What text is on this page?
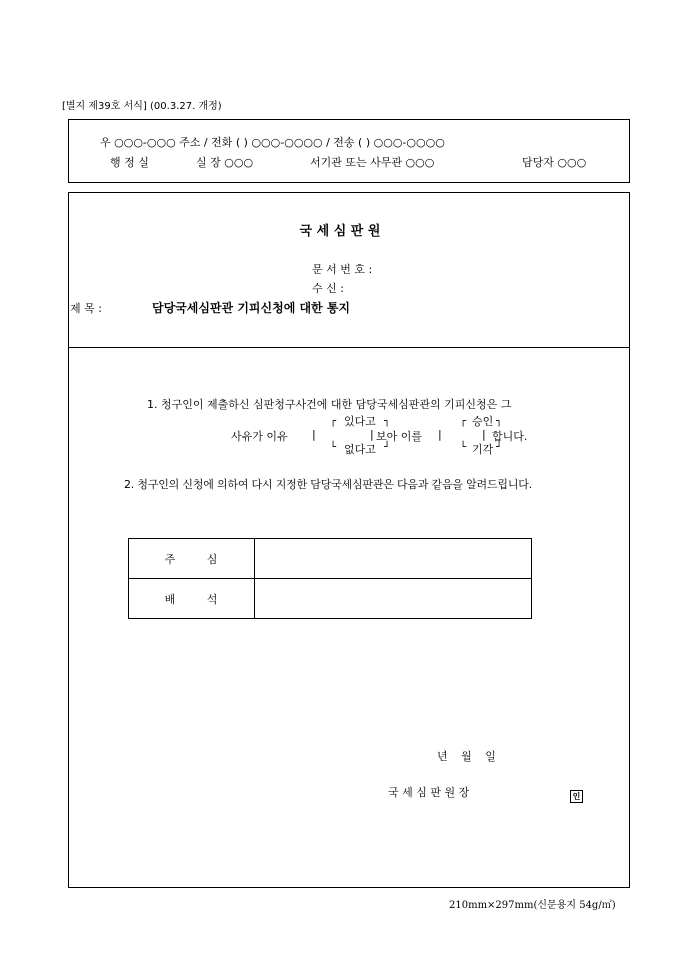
[별지 제39호 서식] (00.3.27. 개정)
우 ○○○-○○○ 주소 / 전화 ( ) ○○○-○○○○ / 전송 ( ) ○○○-○○○○
행 정 실	실 장 ○○○	서기관 또는 사무관 ○○○	담당자 ○○○
국 세 심 판 원
문 서 번 호 :
수 신 :
제 목 :	담당국세심판관 기피신청에 대한 통지
1. 청구인이 제출하신 심판청구사건에 대한 담당국세심판관의 기피신청은 그
사유가 이유 |
┌ 있다고 ┐
| 보아 이를
└ 없다고 ┘
|
┌ 승인 ┐
| 합니다.
└ 기각 ┘
2. 청구인의 신청에 의하여 다시 지정한 담당국세심판관은 다음과 같음을 알려드립니다.
주 심	
배 석	
년 월 일
국 세 심 판 원 장	인
210mm×297mm(신문용지 54g/㎡)
